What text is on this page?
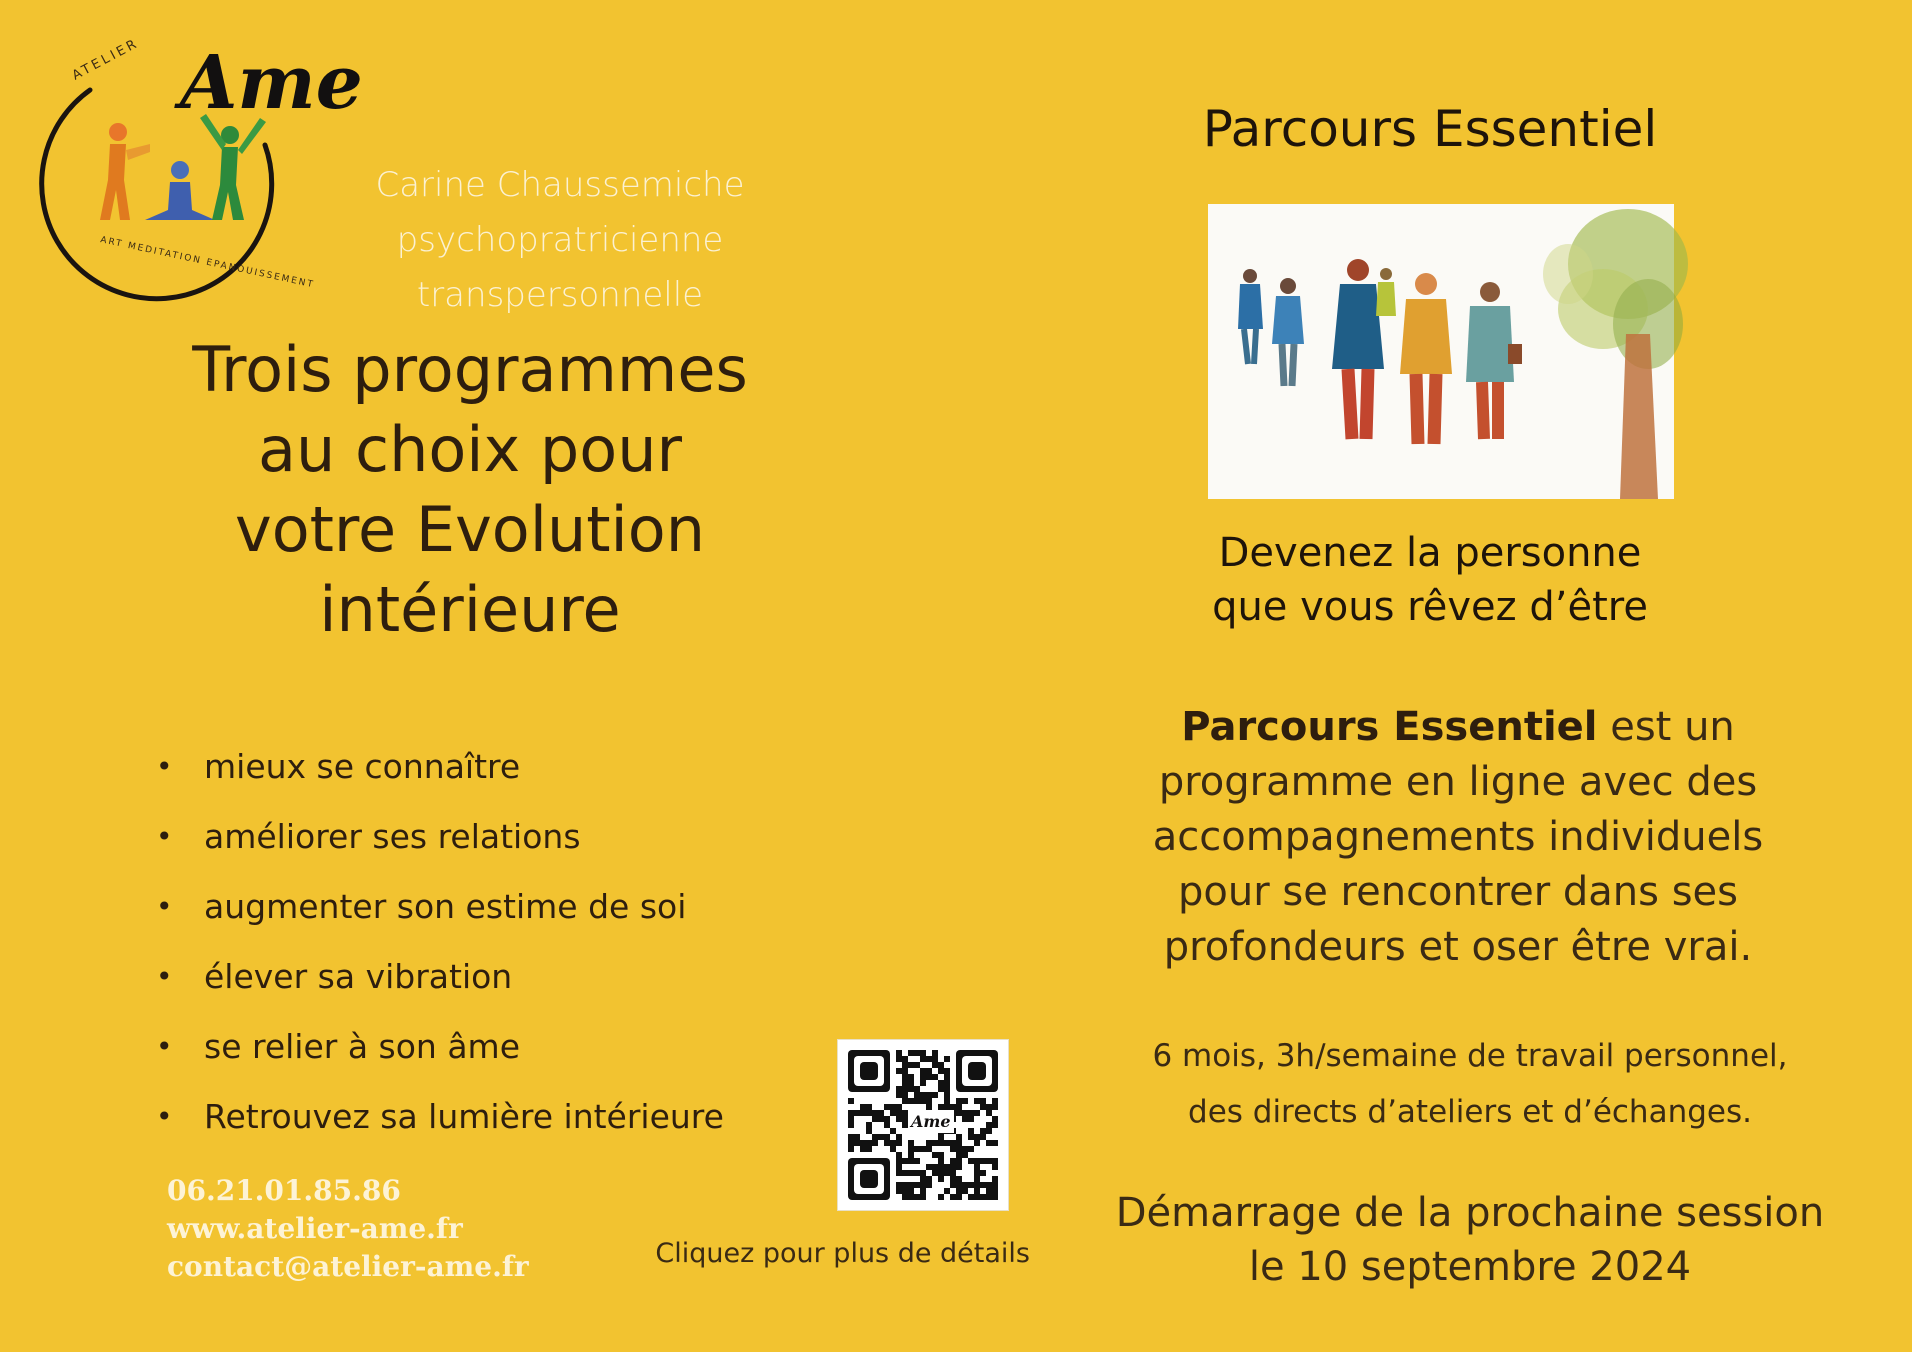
ATELIER
ART MEDITATION EPANOUISSEMENT
Ame
Carine Chaussemiche
psychopratricienne transpersonnelle
Trois programmes
au choix pour
votre Evolution
intérieure
• mieux se connaître
• améliorer ses relations
• augmenter son estime de soi
• élever sa vibration
• se relier à son âme
• Retrouvez sa lumière intérieure
06.21.01.85.86
www.atelier-ame.fr
contact@atelier-ame.fr
Ame
Cliquez pour plus de détails
Parcours Essentiel
Devenez la personne
que vous rêvez d’être
Parcours Essentiel est un
programme en ligne avec des
accompagnements individuels
pour se rencontrer dans ses
profondeurs et oser être vrai.
6 mois, 3h/semaine de travail personnel,
des directs d’ateliers et d’échanges.
Démarrage de la prochaine session
le 10 septembre 2024
